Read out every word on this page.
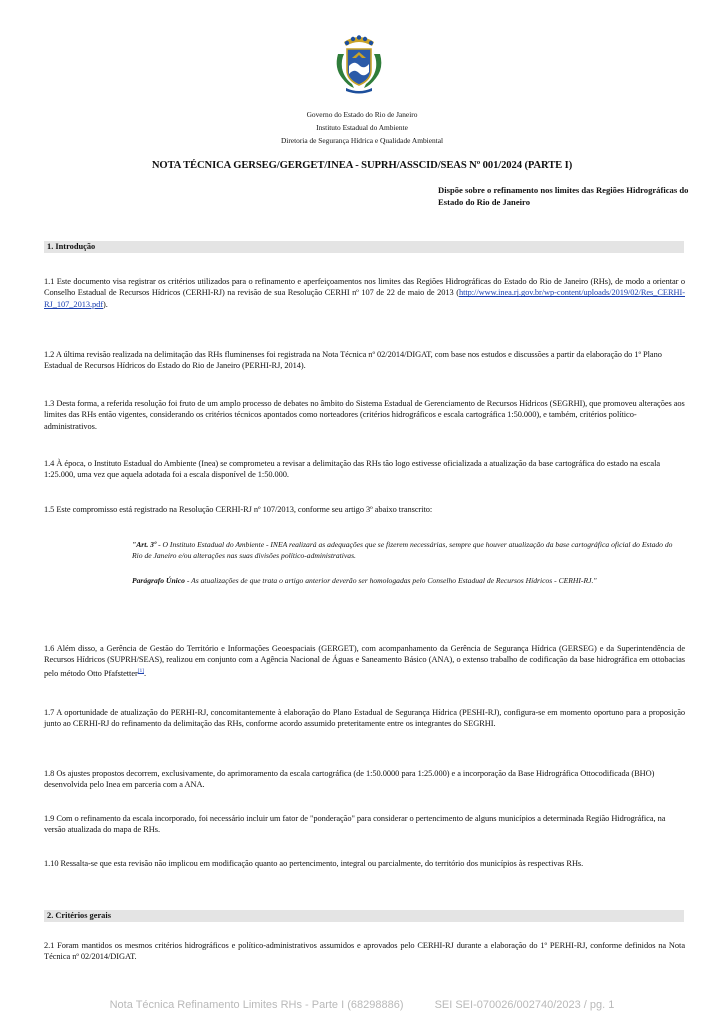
Governo do Estado do Rio de Janeiro
Instituto Estadual do Ambiente
Diretoria de Segurança Hídrica e Qualidade Ambiental
NOTA TÉCNICA GERSEG/GERGET/INEA - SUPRH/ASSCID/SEAS Nº 001/2024 (PARTE I)
Dispõe sobre o refinamento nos limites das Regiões Hidrográficas do Estado do Rio de Janeiro
1. Introdução
1.1 Este documento visa registrar os critérios utilizados para o refinamento e aperfeiçoamentos nos limites das Regiões Hidrográficas do Estado do Rio de Janeiro (RHs), de modo a orientar o Conselho Estadual de Recursos Hídricos (CERHI-RJ) na revisão de sua Resolução CERHI nº 107 de 22 de maio de 2013 (http://www.inea.rj.gov.br/wp-content/uploads/2019/02/Res_CERHI-RJ_107_2013.pdf).
1.2 A última revisão realizada na delimitação das RHs fluminenses foi registrada na Nota Técnica nº 02/2014/DIGAT, com base nos estudos e discussões a partir da elaboração do 1º Plano Estadual de Recursos Hídricos do Estado do Rio de Janeiro (PERHI-RJ, 2014).
1.3 Desta forma, a referida resolução foi fruto de um amplo processo de debates no âmbito do Sistema Estadual de Gerenciamento de Recursos Hídricos (SEGRHI), que promoveu alterações aos limites das RHs então vigentes, considerando os critérios técnicos apontados como norteadores (critérios hidrográficos e escala cartográfica 1:50.000), e também, critérios político-administrativos.
1.4 À época, o Instituto Estadual do Ambiente (Inea) se comprometeu a revisar a delimitação das RHs tão logo estivesse oficializada a atualização da base cartográfica do estado na escala 1:25.000, uma vez que aquela adotada foi a escala disponível de 1:50.000.
1.5 Este compromisso está registrado na Resolução CERHI-RJ nº 107/2013, conforme seu artigo 3º abaixo transcrito:
"Art. 3º - O Instituto Estadual do Ambiente - INEA realizará as adequações que se fizerem necessárias, sempre que houver atualização da base cartográfica oficial do Estado do Rio de Janeiro e/ou alterações nas suas divisões político-administrativas.
Parágrafo Único - As atualizações de que trata o artigo anterior deverão ser homologadas pelo Conselho Estadual de Recursos Hídricos - CERHI-RJ."
1.6 Além disso, a Gerência de Gestão do Território e Informações Geoespaciais (GERGET), com acompanhamento da Gerência de Segurança Hídrica (GERSEG) e da Superintendência de Recursos Hídricos (SUPRH/SEAS), realizou em conjunto com a Agência Nacional de Águas e Saneamento Básico (ANA), o extenso trabalho de codificação da base hidrográfica em ottobacias pelo método Otto Pfafstetter[1].
1.7 A oportunidade de atualização do PERHI-RJ, concomitantemente à elaboração do Plano Estadual de Segurança Hídrica (PESHI-RJ), configura-se em momento oportuno para a proposição junto ao CERHI-RJ do refinamento da delimitação das RHs, conforme acordo assumido preteritamente entre os integrantes do SEGRHI.
1.8 Os ajustes propostos decorrem, exclusivamente, do aprimoramento da escala cartográfica (de 1:50.0000 para 1:25.000) e a incorporação da Base Hidrográfica Ottocodificada (BHO) desenvolvida pelo Inea em parceria com a ANA.
1.9 Com o refinamento da escala incorporado, foi necessário incluir um fator de "ponderação" para considerar o pertencimento de alguns municípios a determinada Região Hidrográfica, na versão atualizada do mapa de RHs.
1.10 Ressalta-se que esta revisão não implicou em modificação quanto ao pertencimento, integral ou parcialmente, do território dos municípios às respectivas RHs.
2. Critérios gerais
2.1 Foram mantidos os mesmos critérios hidrográficos e político-administrativos assumidos e aprovados pelo CERHI-RJ durante a elaboração do 1º PERHI-RJ, conforme definidos na Nota Técnica nº 02/2014/DIGAT.
Nota Técnica Refinamento Limites RHs - Parte I (68298886)	SEI SEI-070026/002740/2023 / pg. 1
